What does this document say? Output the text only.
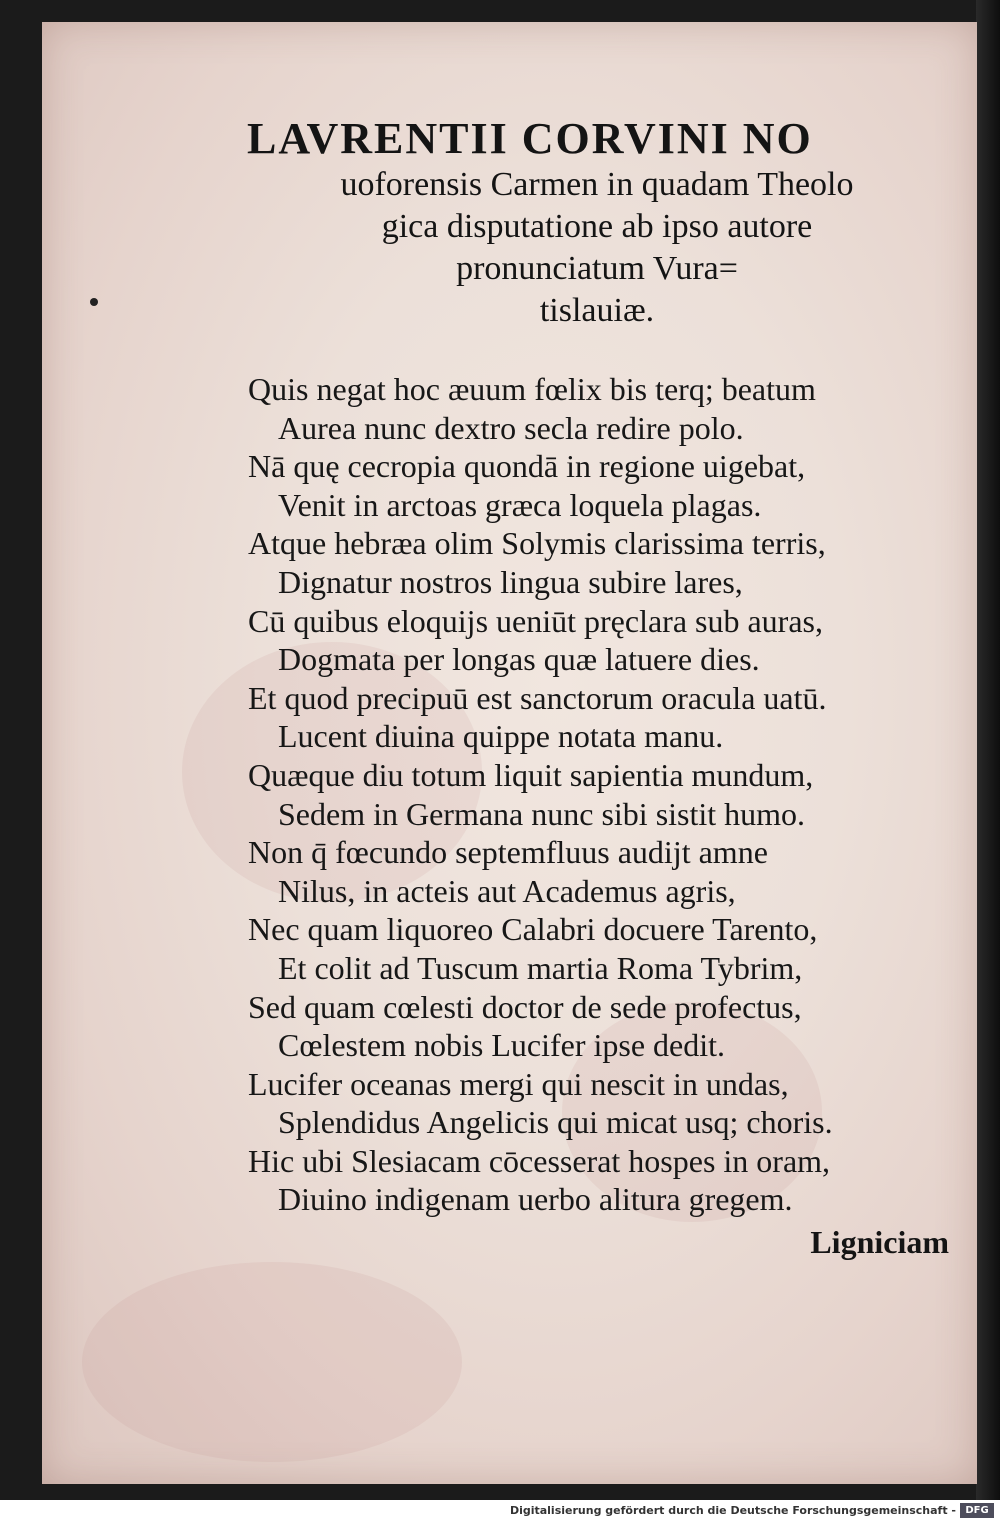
LAVRENTII CORVINI NO
uoforensis Carmen in quadam Theolo
gica disputatione ab ipso autore
pronunciatum Vura=
tislauiæ.
Quis negat hoc æuum fœlix bis terq; beatum
Aurea nunc dextro secla redire polo.
Nā quę cecropia quondā in regione uigebat,
Venit in arctoas græca loquela plagas.
Atque hebræa olim Solymis clarissima terris,
Dignatur nostros lingua subire lares,
Cū quibus eloquijs ueniūt pręclara sub auras,
Dogmata per longas quæ latuere dies.
Et quod precipuū est sanctorum oracula uatū.
Lucent diuina quippe notata manu.
Quæque diu totum liquit sapientia mundum,
Sedem in Germana nunc sibi sistit humo.
Non q̄ fœcundo septemfluus audijt amne
Nilus, in acteis aut Academus agris,
Nec quam liquoreo Calabri docuere Tarento,
Et colit ad Tuscum martia Roma Tybrim,
Sed quam cœlesti doctor de sede profectus,
Cœlestem nobis Lucifer ipse dedit.
Lucifer oceanas mergi qui nescit in undas,
Splendidus Angelicis qui micat usq; choris.
Hic ubi Slesiacam cōcesserat hospes in oram,
Diuino indigenam uerbo alitura gregem.
Ligniciam
Digitalisierung gefördert durch die Deutsche Forschungsgemeinschaft - DFG
